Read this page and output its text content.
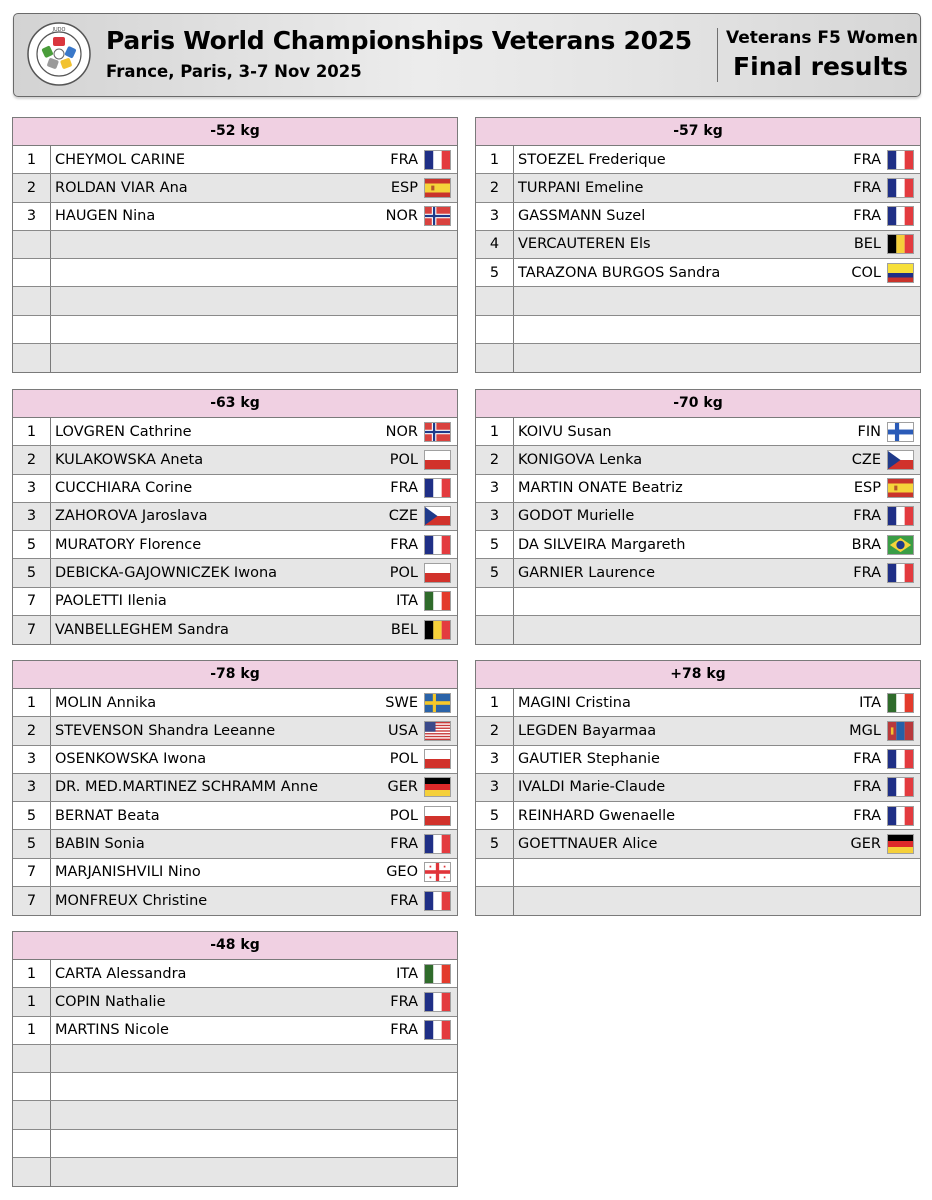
JUDO Paris World Championships Veterans 2025
France, Paris, 3-7 Nov 2025
Veterans F5 Women
Final results
-52 kg
1	CHEYMOL CARINE	FRA
2	ROLDAN VIAR Ana	ESP
3	HAUGEN Nina	NOR
-57 kg
1	STOEZEL Frederique	FRA
2	TURPANI Emeline	FRA
3	GASSMANN Suzel	FRA
4	VERCAUTEREN Els	BEL
5	TARAZONA BURGOS Sandra	COL
-63 kg
1	LOVGREN Cathrine	NOR
2	KULAKOWSKA Aneta	POL
3	CUCCHIARA Corine	FRA
3	ZAHOROVA Jaroslava	CZE
5	MURATORY Florence	FRA
5	DEBICKA-GAJOWNICZEK Iwona	POL
7	PAOLETTI Ilenia	ITA
7	VANBELLEGHEM Sandra	BEL
-70 kg
1	KOIVU Susan	FIN
2	KONIGOVA Lenka	CZE
3	MARTIN ONATE Beatriz	ESP
3	GODOT Murielle	FRA
5	DA SILVEIRA Margareth	BRA
5	GARNIER Laurence	FRA
-78 kg
1	MOLIN Annika	SWE
2	STEVENSON Shandra Leeanne	USA
3	OSENKOWSKA Iwona	POL
3	DR. MED.MARTINEZ SCHRAMM Anne	GER
5	BERNAT Beata	POL
5	BABIN Sonia	FRA
7	MARJANISHVILI Nino	GEO
7	MONFREUX Christine	FRA
+78 kg
1	MAGINI Cristina	ITA
2	LEGDEN Bayarmaa	MGL
3	GAUTIER Stephanie	FRA
3	IVALDI Marie-Claude	FRA
5	REINHARD Gwenaelle	FRA
5	GOETTNAUER Alice	GER
-48 kg
1	CARTA Alessandra	ITA
1	COPIN Nathalie	FRA
1	MARTINS Nicole	FRA
